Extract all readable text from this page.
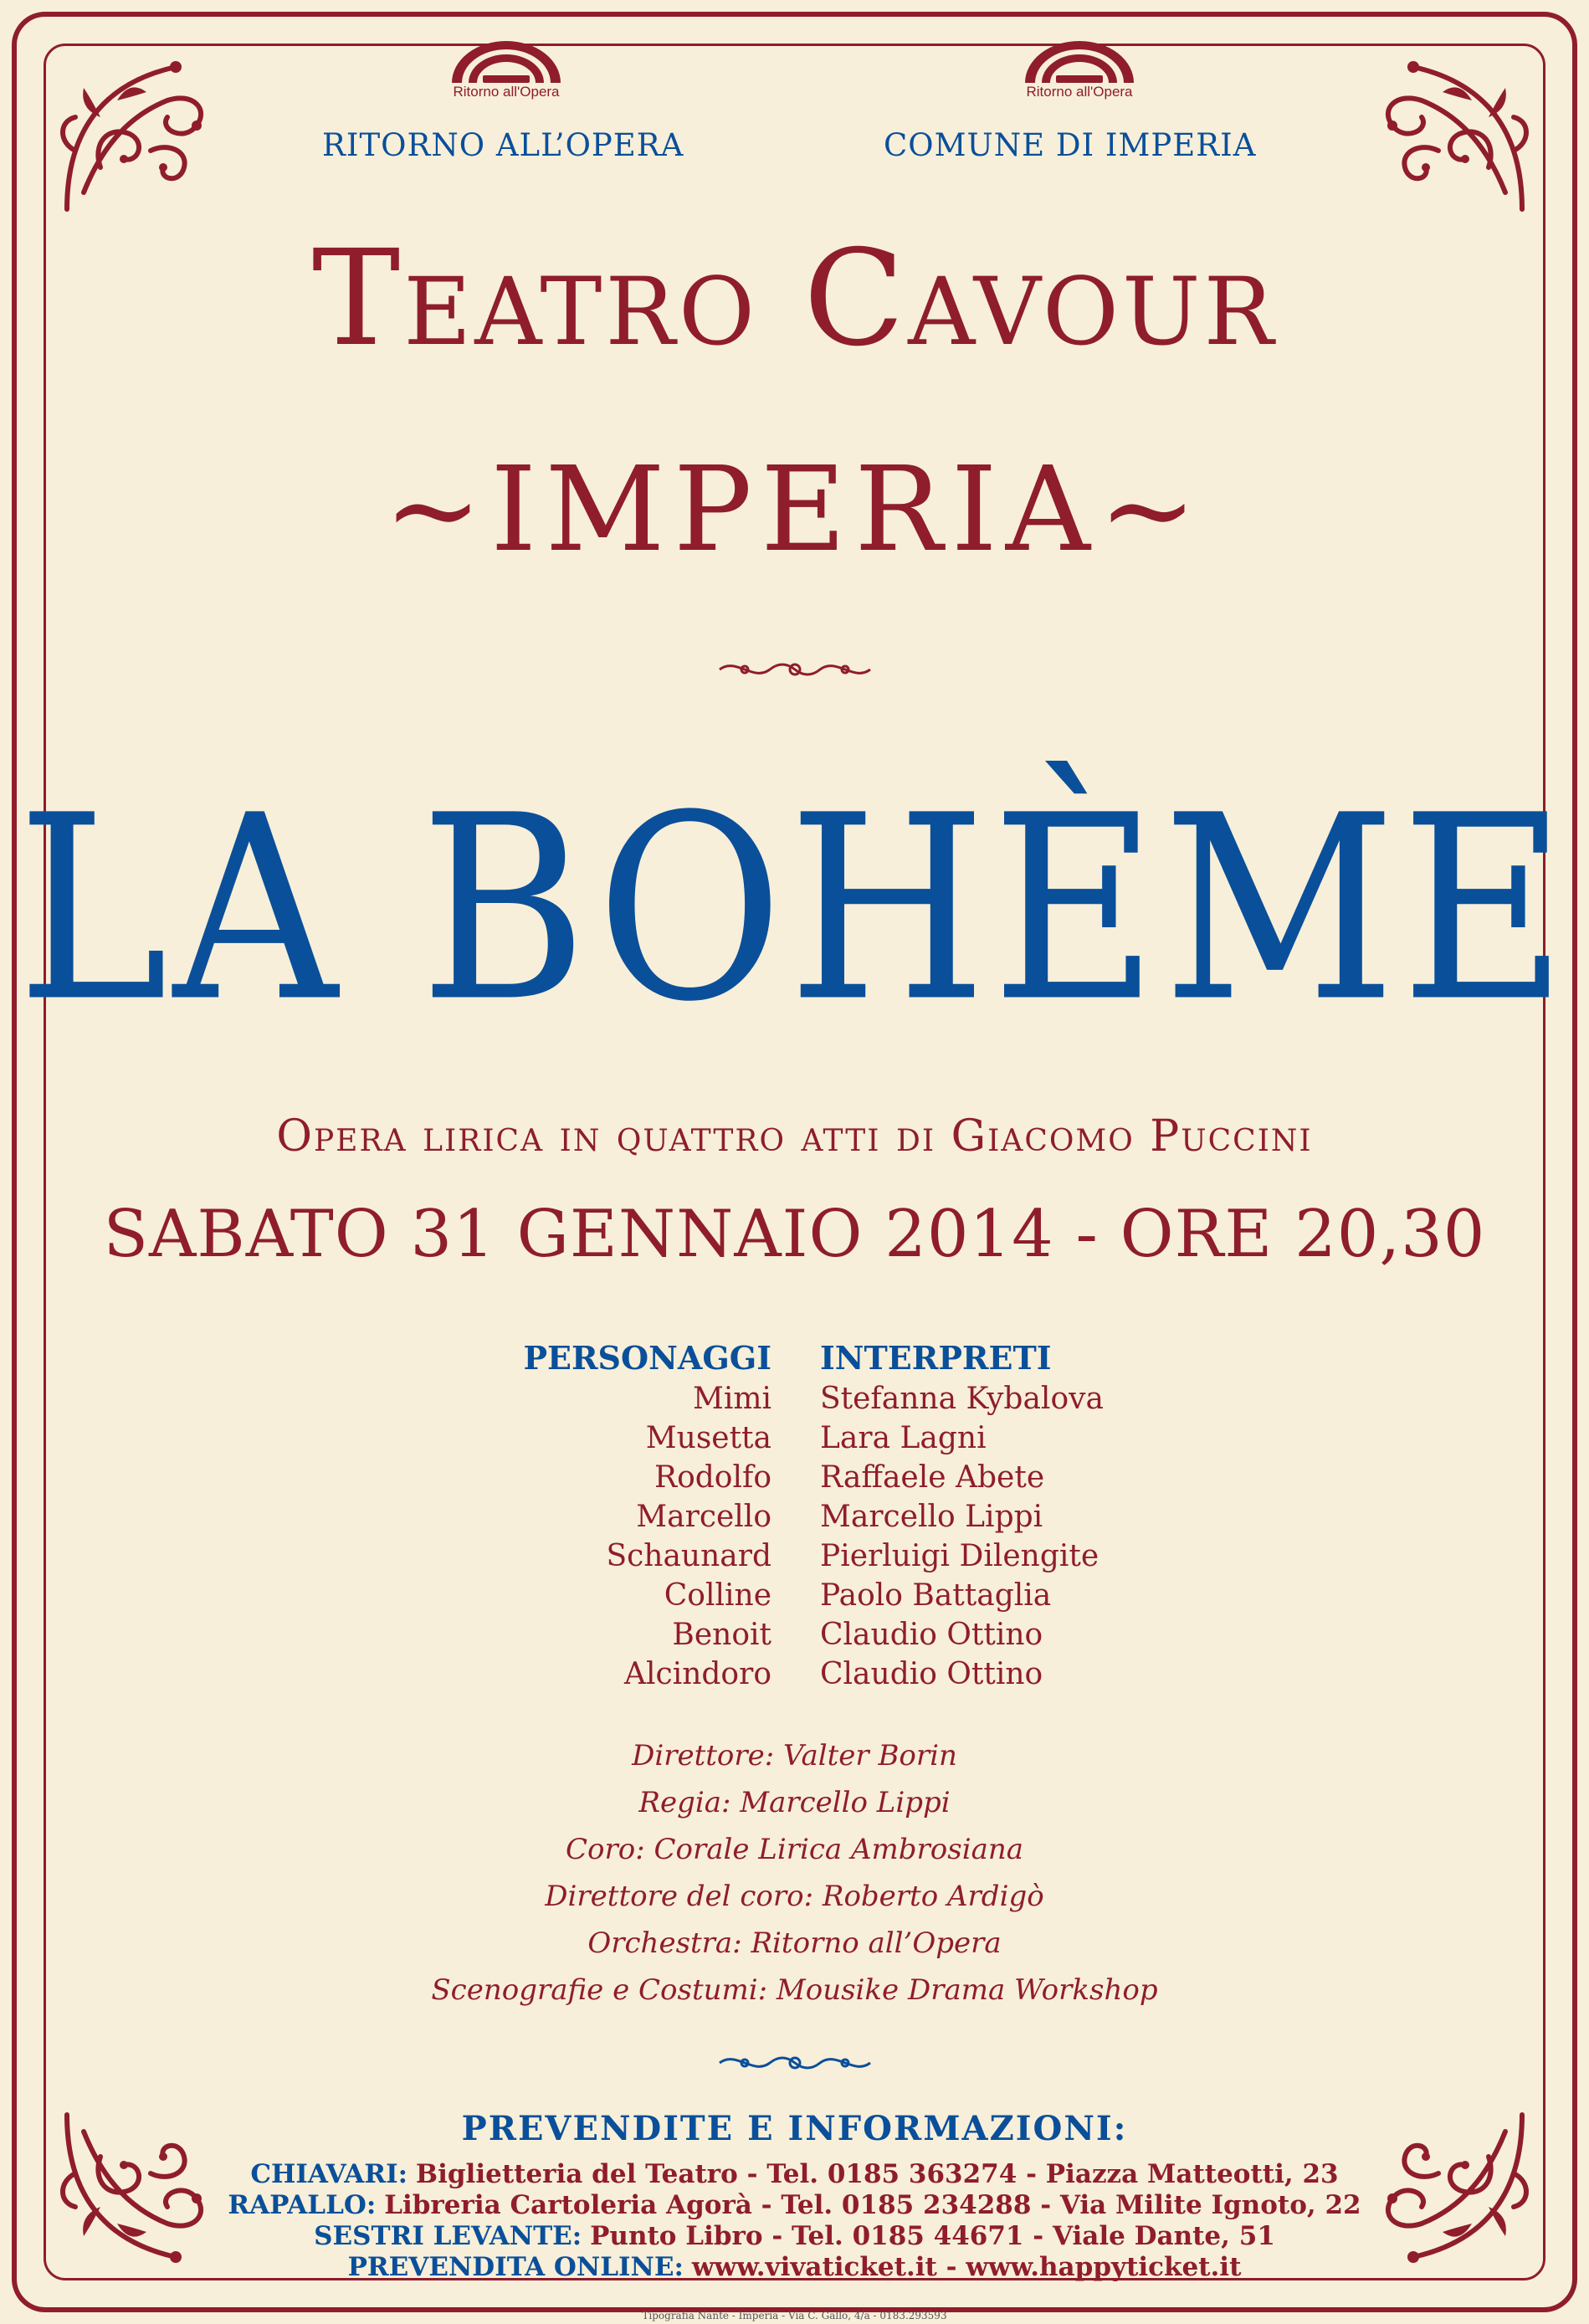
Ritorno all'Opera	Ritorno all'Opera
RITORNO ALL’OPERA	COMUNE DI IMPERIA
Teatro Cavour
~IMPERIA~
LA BOHÈME
Opera lirica in quattro atti di Giacomo Puccini
SABATO 31 GENNAIO 2014 - ORE 20,30
PERSONAGGI
Mimi
Musetta
Rodolfo
Marcello
Schaunard
Colline
Benoit
Alcindoro
INTERPRETI
Stefanna Kybalova
Lara Lagni
Raffaele Abete
Marcello Lippi
Pierluigi Dilengite
Paolo Battaglia
Claudio Ottino
Claudio Ottino
Direttore: Valter Borin
Regia: Marcello Lippi
Coro: Corale Lirica Ambrosiana
Direttore del coro: Roberto Ardigò
Orchestra: Ritorno all’Opera
Scenografie e Costumi: Mousike Drama Workshop
PREVENDITE E INFORMAZIONI:
CHIAVARI: Biglietteria del Teatro - Tel. 0185 363274 - Piazza Matteotti, 23
RAPALLO: Libreria Cartoleria Agorà - Tel. 0185 234288 - Via Milite Ignoto, 22
SESTRI LEVANTE: Punto Libro - Tel. 0185 44671 - Viale Dante, 51
PREVENDITA ONLINE: www.vivaticket.it - www.happyticket.it
Tipografia Nante - Imperia - Via C. Gallo, 4/a - 0183.293593
